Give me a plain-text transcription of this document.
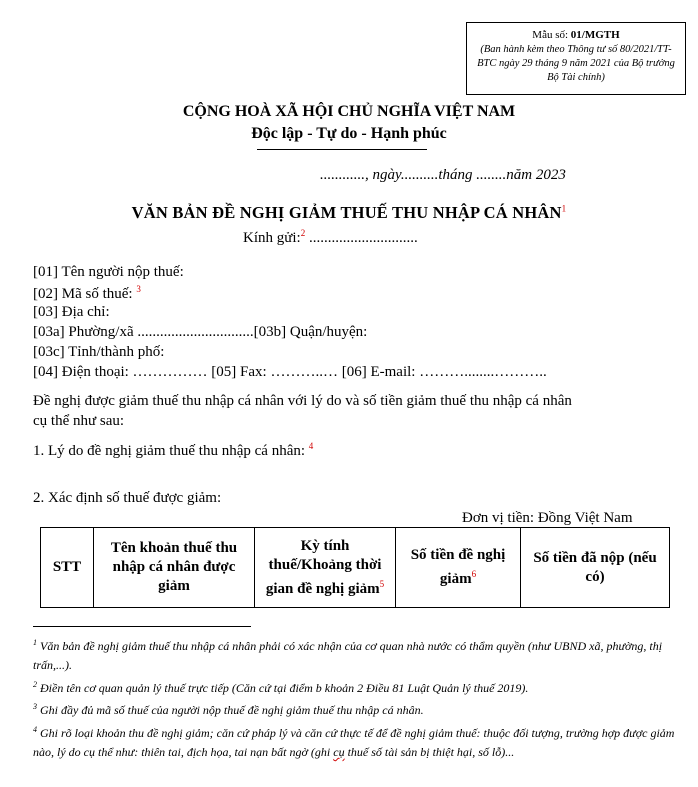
Mẫu số: 01/MGTH
(Ban hành kèm theo Thông tư số 80/2021/TT-BTC ngày 29 tháng 9 năm 2021 của Bộ trưởng Bộ Tài chính)
CỘNG HOÀ XÃ HỘI CHỦ NGHĨA VIỆT NAM
Độc lập - Tự do - Hạnh phúc
............, ngày..........tháng ........năm 2023
VĂN BẢN ĐỀ NGHỊ GIẢM THUẾ THU NHẬP CÁ NHÂN$^1$
Kính gửi:$^2$ .............................
[01] Tên người nộp thuế:
[02] Mã số thuế: $^3$
[03] Địa chỉ:
[03a] Phường/xã ...............................[03b] Quận/huyện:
[03c] Tỉnh/thành phố:
[04] Điện thoại: …………… [05] Fax: ………..… [06] E-mail: ………........………..
Đề nghị được giảm thuế thu nhập cá nhân với lý do và số tiền giảm thuế thu nhập cá nhân
cụ thể như sau:
1. Lý do đề nghị giảm thuế thu nhập cá nhân: $^4$
2. Xác định số thuế được giảm:
Đơn vị tiền: Đồng Việt Nam
STT	Tên khoản thuế thu nhập cá nhân được giảm	Kỳ tính thuế/Khoảng thời gian đề nghị giảm$^5$	Số tiền đề nghị giảm$^6$	Số tiền đã nộp (nếu có)
$^1$ Văn bản đề nghị giảm thuế thu nhập cá nhân phải có xác nhận của cơ quan nhà nước có thẩm quyền (như UBND xã, phường, thị trấn,...).
$^2$ Điền tên cơ quan quản lý thuế trực tiếp (Căn cứ tại điểm b khoản 2 Điều 81 Luật Quản lý thuế 2019).
$^3$ Ghi đầy đủ mã số thuế của người nộp thuế đề nghị giảm thuế thu nhập cá nhân.
$^4$ Ghi rõ loại khoản thu đề nghị giảm; căn cứ pháp lý và căn cứ thực tế để đề nghị giảm thuế: thuộc đối tượng, trường hợp được giảm nào, lý do cụ thể như: thiên tai, địch họa, tai nạn bất ngờ (ghi cụ thuế số tài sản bị thiệt hại, số lỗ)...
